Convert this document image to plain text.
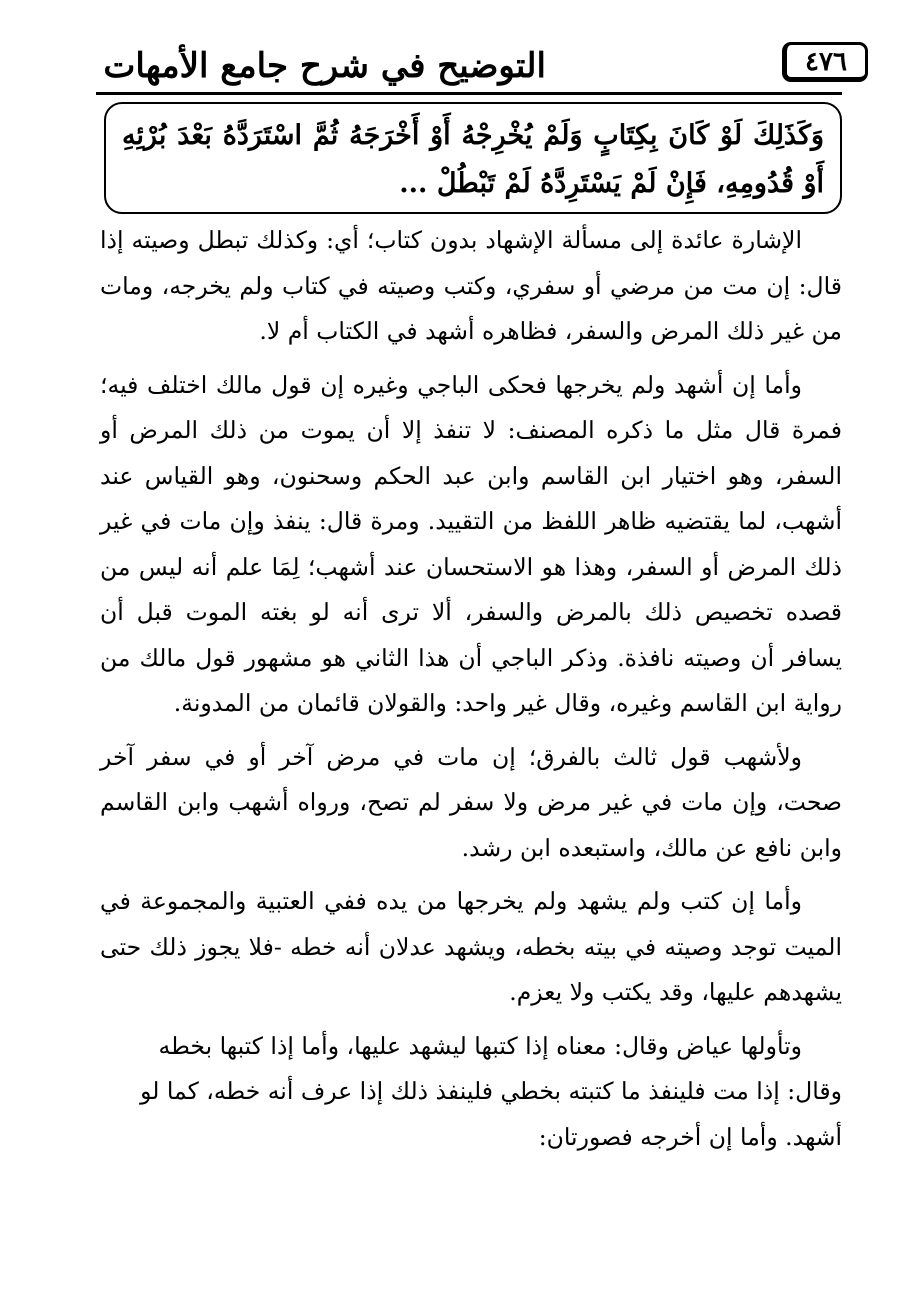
التوضيح في شرح جامع الأمهات	٤٧٦
وَكَذَلِكَ لَوْ كَانَ بِكِتَابٍ وَلَمْ يُخْرِجْهُ أَوْ أَخْرَجَهُ ثُمَّ اسْتَرَدَّهُ بَعْدَ بُرْئِهِ أَوْ قُدُومِهِ، فَإِنْ لَمْ يَسْتَرِدَّهُ لَمْ تَبْطُلْ ...

الإشارة عائدة إلى مسألة الإشهاد بدون كتاب؛ أي: وكذلك تبطل وصيته إذا قال: إن مت من مرضي أو سفري، وكتب وصيته في كتاب ولم يخرجه، ومات من غير ذلك المرض والسفر، فظاهره أشهد في الكتاب أم لا.

وأما إن أشهد ولم يخرجها فحكى الباجي وغيره إن قول مالك اختلف فيه؛ فمرة قال مثل ما ذكره المصنف: لا تنفذ إلا أن يموت من ذلك المرض أو السفر، وهو اختيار ابن القاسم وابن عبد الحكم وسحنون، وهو القياس عند أشهب، لما يقتضيه ظاهر اللفظ من التقييد. ومرة قال: ينفذ وإن مات في غير ذلك المرض أو السفر، وهذا هو الاستحسان عند أشهب؛ لِمَا علم أنه ليس من قصده تخصيص ذلك بالمرض والسفر، ألا ترى أنه لو بغته الموت قبل أن يسافر أن وصيته نافذة. وذكر الباجي أن هذا الثاني هو مشهور قول مالك من رواية ابن القاسم وغيره، وقال غير واحد: والقولان قائمان من المدونة.

ولأشهب قول ثالث بالفرق؛ إن مات في مرض آخر أو في سفر آخر صحت، وإن مات في غير مرض ولا سفر لم تصح، ورواه أشهب وابن القاسم وابن نافع عن مالك، واستبعده ابن رشد.

وأما إن كتب ولم يشهد ولم يخرجها من يده ففي العتبية والمجموعة في الميت توجد وصيته في بيته بخطه، ويشهد عدلان أنه خطه -فلا يجوز ذلك حتى يشهدهم عليها، وقد يكتب ولا يعزم.

وتأولها عياض وقال: معناه إذا كتبها ليشهد عليها، وأما إذا كتبها بخطه وقال: إذا مت فلينفذ ما كتبته بخطي فلينفذ ذلك إذا عرف أنه خطه، كما لو أشهد. وأما إن أخرجه فصورتان:
